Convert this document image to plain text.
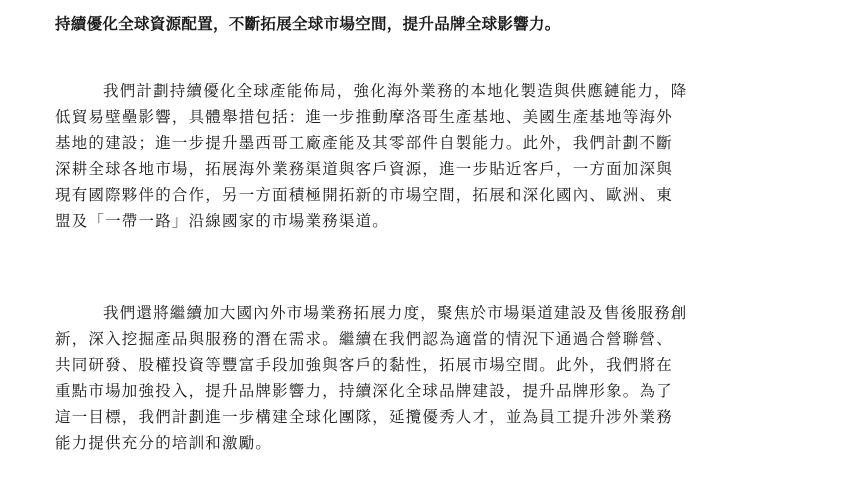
持續優化全球資源配置，不斷拓展全球市場空間，提升品牌全球影響力。
我們計劃持續優化全球產能佈局，強化海外業務的本地化製造與供應鏈能力，降
低貿易壁壘影響，具體舉措包括：進一步推動摩洛哥生產基地、美國生產基地等海外
基地的建設；進一步提升墨西哥工廠產能及其零部件自製能力。此外，我們計劃不斷
深耕全球各地市場，拓展海外業務渠道與客戶資源，進一步貼近客戶，一方面加深與
現有國際夥伴的合作，另一方面積極開拓新的市場空間，拓展和深化國內、歐洲、東
盟及「一帶一路」沿線國家的市場業務渠道。
我們還將繼續加大國內外市場業務拓展力度，聚焦於市場渠道建設及售後服務創
新，深入挖掘產品與服務的潛在需求。繼續在我們認為適當的情況下通過合營聯營、
共同研發、股權投資等豐富手段加強與客戶的黏性，拓展市場空間。此外，我們將在
重點市場加強投入，提升品牌影響力，持續深化全球品牌建設，提升品牌形象。為了
這一目標，我們計劃進一步構建全球化團隊，延攬優秀人才，並為員工提升涉外業務
能力提供充分的培訓和激勵。
